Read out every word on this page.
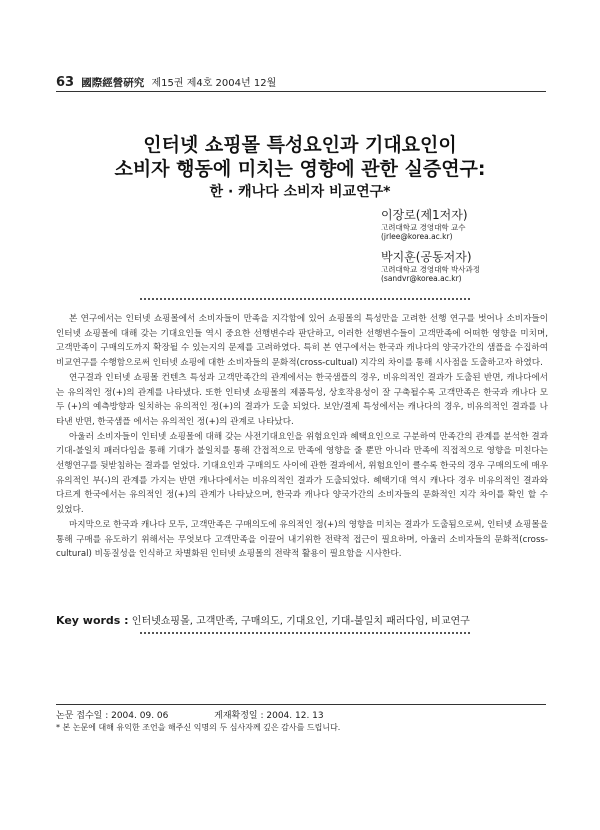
63 國際經營硏究 제15권 제4호 2004년 12월
인터넷 쇼핑몰 특성요인과 기대요인이
소비자 행동에 미치는 영향에 관한 실증연구:
한 · 캐나다 소비자 비교연구*
이장로(제1저자)
고려대학교 경영대학 교수
(jrlee@korea.ac.kr)
박지훈(공동저자)
고려대학교 경영대학 박사과정
(sandvr@korea.ac.kr)

본 연구에서는 인터넷 쇼핑몰에서 소비자들이 만족을 지각함에 있어 쇼핑몰의 특성만을 고려한 선행 연구를 벗어나 소비자들이 인터넷 쇼핑몰에 대해 갖는 기대요인들 역시 중요한 선행변수라 판단하고, 이러한 선행변수들이 고객만족에 어떠한 영향을 미치며, 고객만족이 구매의도까지 확장될 수 있는지의 문제를 고려하였다. 특히 본 연구에서는 한국과 캐나다의 양국가간의 샘플을 수집하여 비교연구를 수행함으로써 인터넷 쇼핑에 대한 소비자들의 문화적(cross-cultual) 지각의 차이를 통해 시사점을 도출하고자 하였다.

연구결과 인터넷 쇼핑몰 컨텐츠 특성과 고객만족간의 관계에서는 한국샘플의 경우, 비유의적인 결과가 도출된 반면, 캐나다에서는 유의적인 정(+)의 관계를 나타냈다. 또한 인터넷 쇼핑몰의 제품특성, 상호작용성이 잘 구축될수록 고객만족은 한국과 캐나다 모두 (+)의 예측방향과 일치하는 유의적인 정(+)의 결과가 도출 되었다. 보안/결제 특성에서는 캐나다의 경우, 비유의적인 결과를 나타낸 반면, 한국샘플 에서는 유의적인 정(+)의 관계로 나타났다.

아울러 소비자들이 인터넷 쇼핑몰에 대해 갖는 사전기대요인을 위험요인과 혜택요인으로 구분하여 만족간의 관계를 분석한 결과 기대-불일치 패러다임을 통해 기대가 불일치를 통해 간접적으로 만족에 영향을 줄 뿐만 아니라 만족에 직접적으로 영향을 미친다는 선행연구를 뒷받침하는 결과를 얻었다. 기대요인과 구매의도 사이에 관한 결과에서, 위험요인이 클수록 한국의 경우 구매의도에 매우 유의적인 부(-)의 관계를 가지는 반면 캐나다에서는 비유의적인 결과가 도출되었다. 혜택기대 역시 캐나다 경우 비유의적인 결과와 다르게 한국에서는 유의적인 정(+)의 관계가 나타났으며, 한국과 캐나다 양국가간의 소비자들의 문화적인 지각 차이를 확인 할 수 있었다.

마지막으로 한국과 캐나다 모두, 고객만족은 구매의도에 유의적인 정(+)의 영향을 미치는 결과가 도출됨으로써, 인터넷 쇼핑몰을 통해 구매를 유도하기 위해서는 무엇보다 고객만족을 이끌어 내기위한 전략적 접근이 필요하며, 아울러 소비자들의 문화적(cross-cultural) 비동질성을 인식하고 차별화된 인터넷 쇼핑몰의 전략적 활용이 필요함을 시사한다.

Key words : 인터넷쇼핑몰, 고객만족, 구매의도, 기대요인, 기대-불일치 패러다임, 비교연구
논문 접수일 : 2004. 09. 06	게재확정일 : 2004. 12. 13
* 본 논문에 대해 유익한 조언을 해주신 익명의 두 심사자께 깊은 감사를 드립니다.
